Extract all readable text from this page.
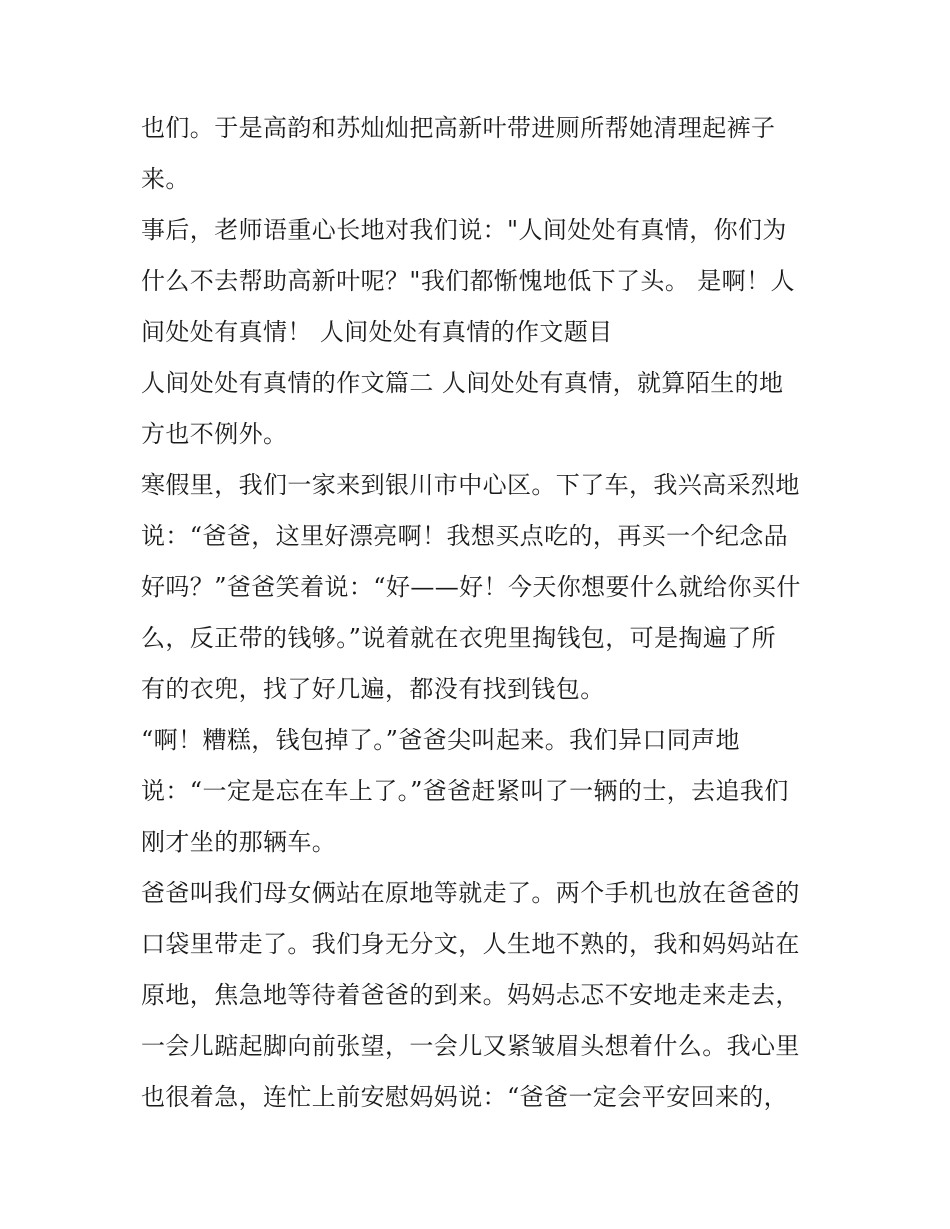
也们。于是高韵和苏灿灿把高新叶带进厕所帮她清理起裤子
来。
事后，老师语重心长地对我们说："人间处处有真情，你们为
什么不去帮助高新叶呢？"我们都惭愧地低下了头。 是啊！人
间处处有真情！ 人间处处有真情的作文题目
人间处处有真情的作文篇二 人间处处有真情，就算陌生的地
方也不例外。
寒假里，我们一家来到银川市中心区。下了车，我兴高采烈地
说：“爸爸，这里好漂亮啊！我想买点吃的，再买一个纪念品
好吗？”爸爸笑着说：“好——好！今天你想要什么就给你买什
么，反正带的钱够。”说着就在衣兜里掏钱包，可是掏遍了所
有的衣兜，找了好几遍，都没有找到钱包。
“啊！糟糕，钱包掉了。”爸爸尖叫起来。我们异口同声地
说：“一定是忘在车上了。”爸爸赶紧叫了一辆的士，去追我们
刚才坐的那辆车。
爸爸叫我们母女俩站在原地等就走了。两个手机也放在爸爸的
口袋里带走了。我们身无分文，人生地不熟的，我和妈妈站在
原地，焦急地等待着爸爸的到来。妈妈忐忑不安地走来走去，
一会儿踮起脚向前张望，一会儿又紧皱眉头想着什么。我心里
也很着急，连忙上前安慰妈妈说：“爸爸一定会平安回来的，
